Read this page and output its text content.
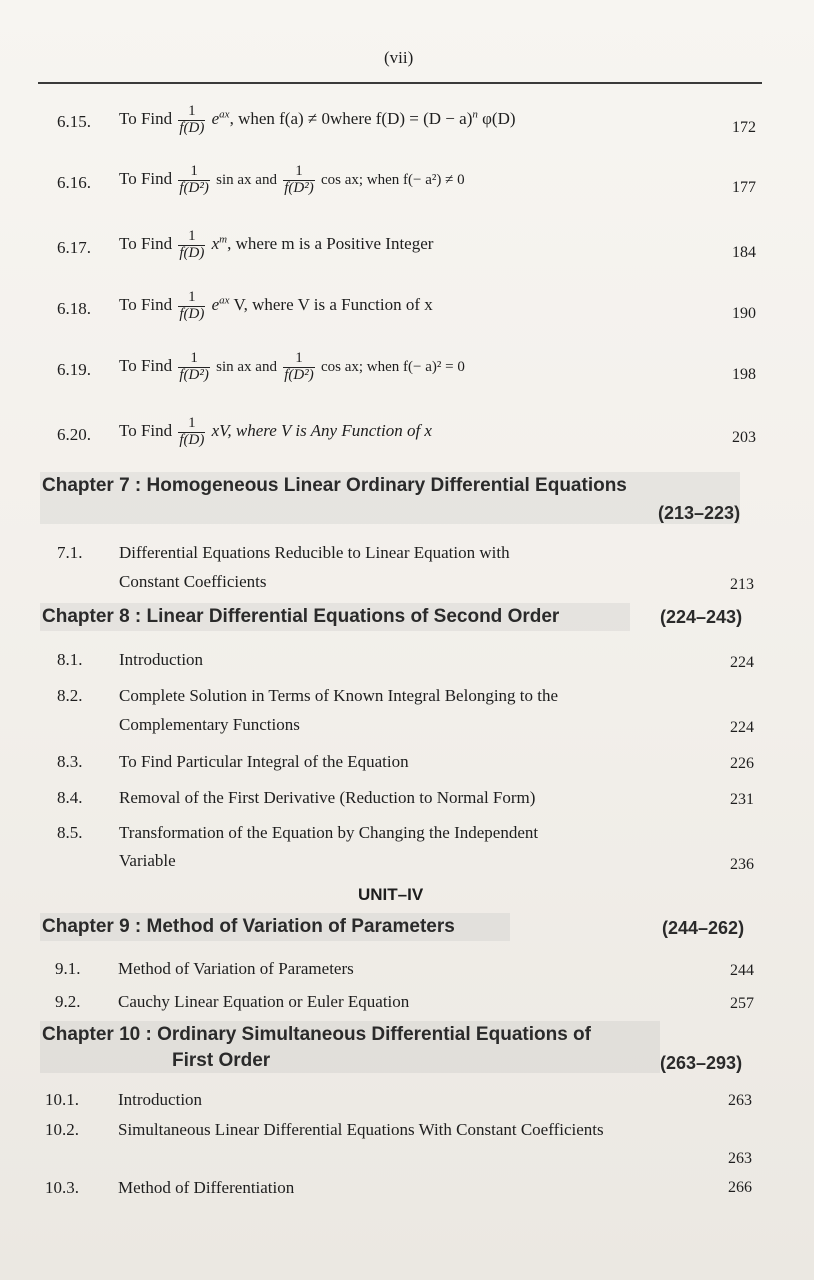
(vii)
6.15. To Find $\frac{1}{f(D)} e^{ax}$, when f(a) ≠ 0where $f(D) = (D - a)^n$ φ(D)	172
6.16. To Find $\frac{1}{\text{f(D²)}}$ sin ax and $\frac{1}{\text{f(D²)}}$ cos ax; when f(− a²) ≠ 0	177
6.17. To Find $\frac{1}{f(D)} x^m$, where m is a Positive Integer	184
6.18. To Find $\frac{1}{f(D)} e^{ax}$ V, where V is a Function of x	190
6.19. To Find $\frac{1}{\text{f(D²)}}$ sin ax and $\frac{1}{\text{f(D²)}}$ cos ax; when f(− a)² = 0	198
6.20. To Find $\frac{1}{f(D)}$ xV, where V is Any Function of x	203
Chapter 7 : Homogeneous Linear Ordinary Differential Equations
(213–223)
7.1. Differential Equations Reducible to Linear Equation with
Constant Coefficients	213
Chapter 8 : Linear Differential Equations of Second Order	(224–243)
8.1. Introduction	224
8.2. Complete Solution in Terms of Known Integral Belonging to the
Complementary Functions	224
8.3. To Find Particular Integral of the Equation	226
8.4. Removal of the First Derivative (Reduction to Normal Form)	231
8.5. Transformation of the Equation by Changing the Independent
Variable	236
UNIT–IV
Chapter 9 : Method of Variation of Parameters	(244–262)
9.1. Method of Variation of Parameters	244
9.2. Cauchy Linear Equation or Euler Equation	257
Chapter 10 : Ordinary Simultaneous Differential Equations of
First Order	(263–293)
10.1. Introduction	263
10.2. Simultaneous Linear Differential Equations With Constant Coefficients
263
10.3. Method of Differentiation	266
